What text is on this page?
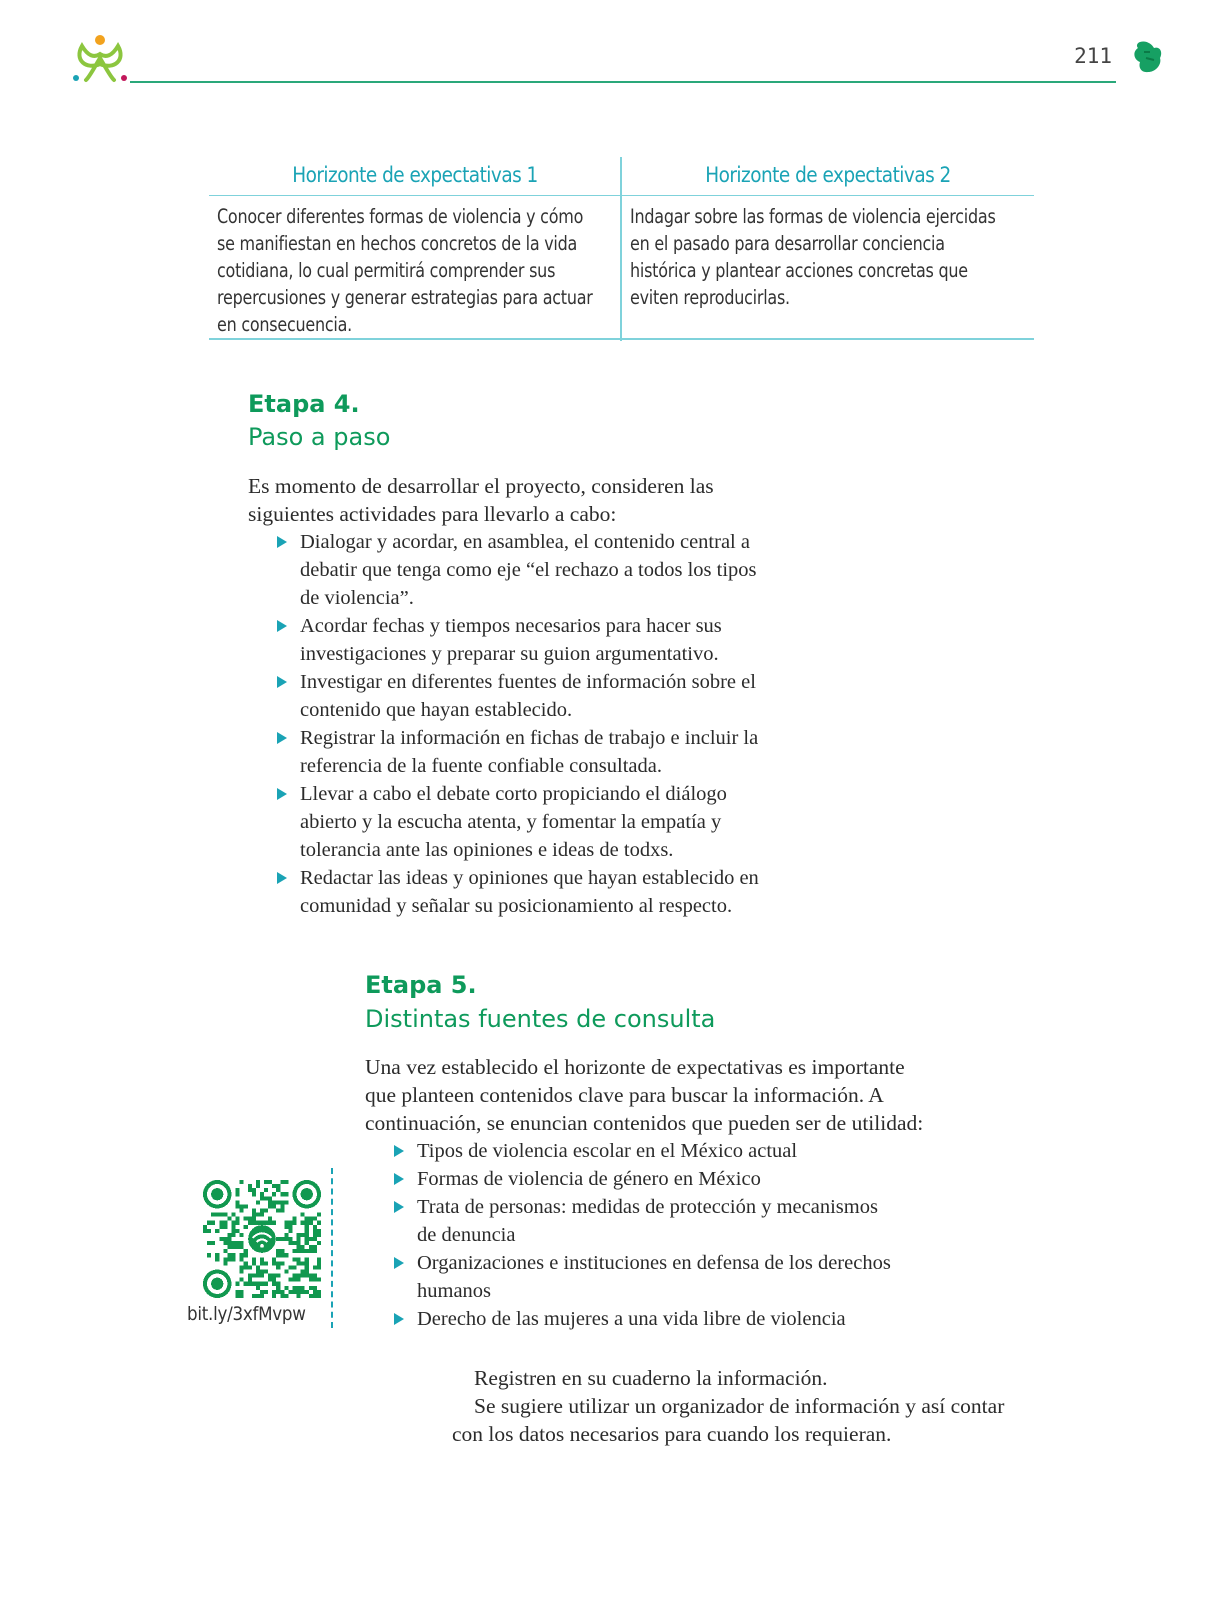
211
Horizonte de expectativas 1
Conocer diferentes formas de violencia y cómo
se manifiestan en hechos concretos de la vida
cotidiana, lo cual permitirá comprender sus
repercusiones y generar estrategias para actuar
en consecuencia.
Horizonte de expectativas 2
Indagar sobre las formas de violencia ejercidas
en el pasado para desarrollar conciencia
histórica y plantear acciones concretas que
eviten reproducirlas.
Etapa 4.
Paso a paso
Es momento de desarrollar el proyecto, consideren las
siguientes actividades para llevarlo a cabo:
Dialogar y acordar, en asamblea, el contenido central a
debatir que tenga como eje “el rechazo a todos los tipos
de violencia”.
Acordar fechas y tiempos necesarios para hacer sus
investigaciones y preparar su guion argumentativo.
Investigar en diferentes fuentes de información sobre el
contenido que hayan establecido.
Registrar la información en fichas de trabajo e incluir la
referencia de la fuente confiable consultada.
Llevar a cabo el debate corto propiciando el diálogo
abierto y la escucha atenta, y fomentar la empatía y
tolerancia ante las opiniones e ideas de todxs.
Redactar las ideas y opiniones que hayan establecido en
comunidad y señalar su posicionamiento al respecto.
Etapa 5.
Distintas fuentes de consulta
Una vez establecido el horizonte de expectativas es importante
que planteen contenidos clave para buscar la información. A
continuación, se enuncian contenidos que pueden ser de utilidad:
Tipos de violencia escolar en el México actual
Formas de violencia de género en México
Trata de personas: medidas de protección y mecanismos
de denuncia
Organizaciones e instituciones en defensa de los derechos
humanos
Derecho de las mujeres a una vida libre de violencia
bit.ly/3xfMvpw

Registren en su cuaderno la información.

Se sugiere utilizar un organizador de información y así contar

con los datos necesarios para cuando los requieran.
